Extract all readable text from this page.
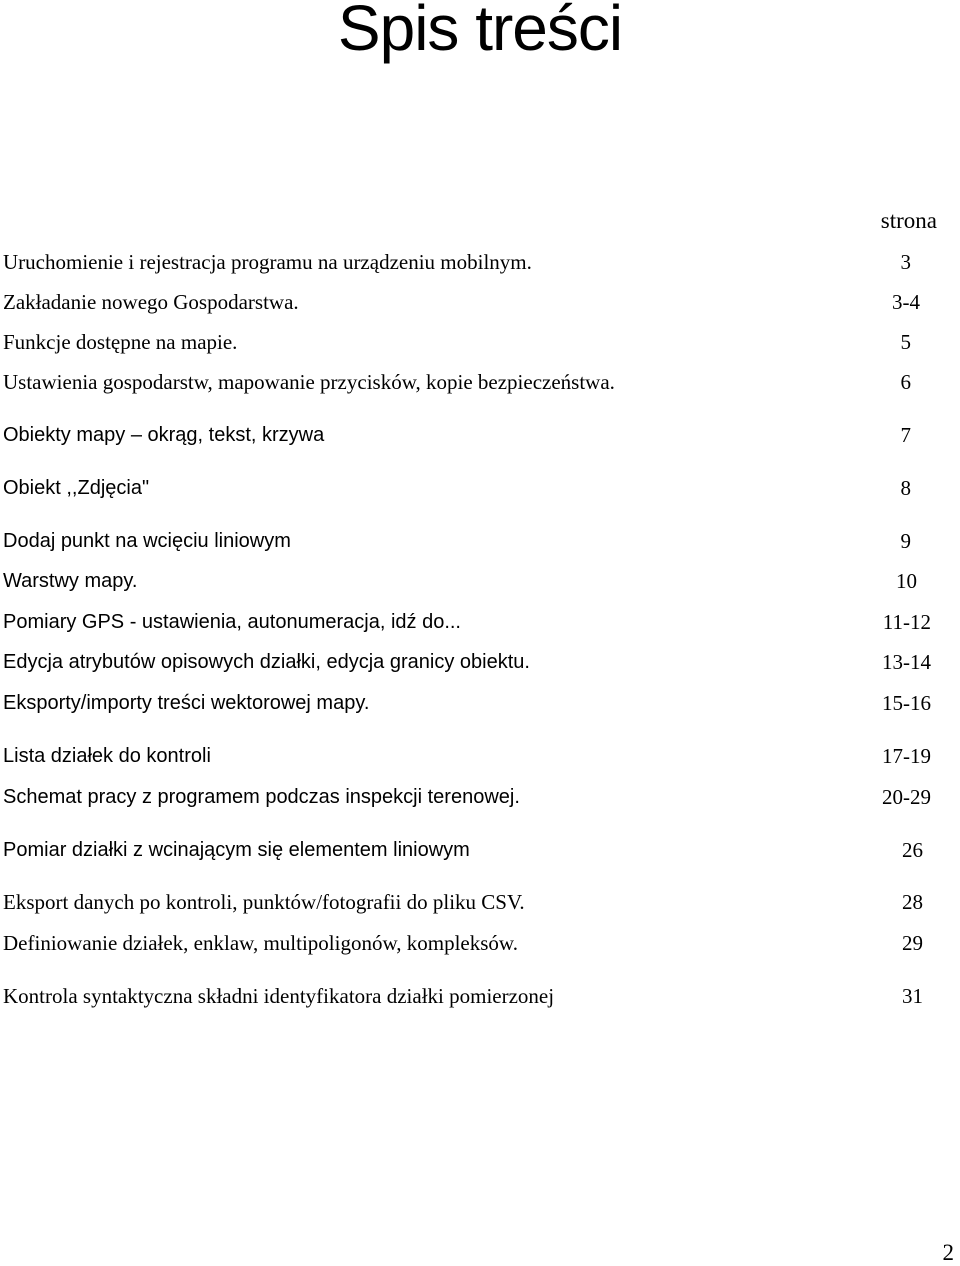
Spis treści
strona
Uruchomienie i rejestracja programu na urządzeniu mobilnym.	3
Zakładanie nowego Gospodarstwa.	3-4
Funkcje dostępne na mapie.	5
Ustawienia gospodarstw, mapowanie przycisków, kopie bezpieczeństwa.	6
Obiekty mapy – okrąg, tekst, krzywa	7
Obiekt ,,Zdjęcia"	8
Dodaj punkt na wcięciu liniowym	9
Warstwy mapy.	10
Pomiary GPS - ustawienia, autonumeracja, idź do...	11-12
Edycja atrybutów opisowych działki, edycja granicy obiektu.	13-14
Eksporty/importy treści wektorowej mapy.	15-16
Lista działek do kontroli	17-19
Schemat pracy z programem podczas inspekcji terenowej.	20-29
Pomiar działki z wcinającym się elementem liniowym	26
Eksport danych po kontroli, punktów/fotografii do pliku CSV.	28
Definiowanie działek, enklaw, multipoligonów, kompleksów.	29
Kontrola syntaktyczna składni identyfikatora działki pomierzonej	31
2
